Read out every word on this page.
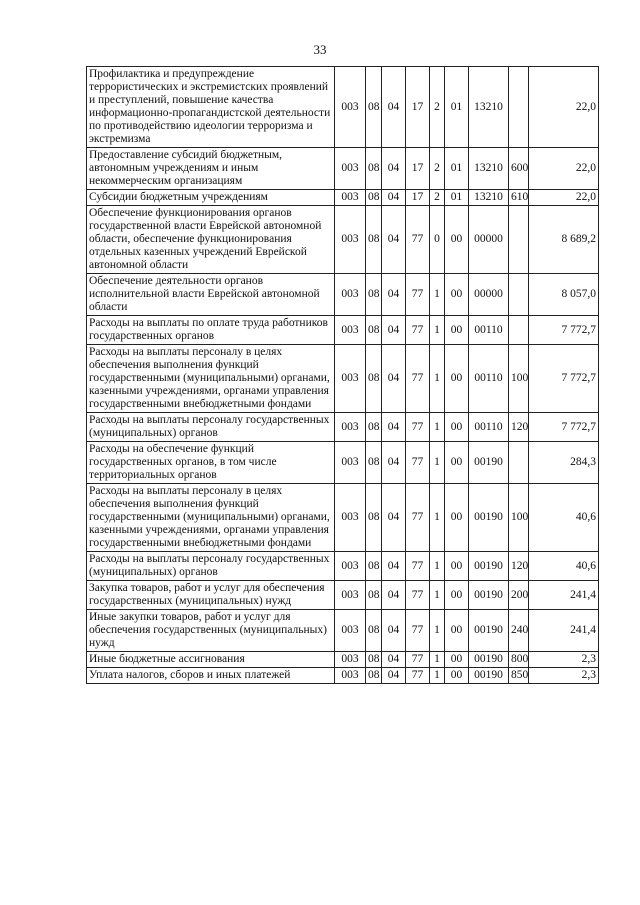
33
Профилактика и предупреждение террористических и экстремистских проявлений и преступлений, повышение качества информационно-пропагандистской деятельности по противодействию идеологии терроризма и экстремизма	003	08	04	17	2	01	13210		22,0
Предоставление субсидий бюджетным, автономным учреждениям и иным некоммерческим организациям	003	08	04	17	2	01	13210	600	22,0
Субсидии бюджетным учреждениям	003	08	04	17	2	01	13210	610	22,0
Обеспечение функционирования органов государственной власти Еврейской автономной области, обеспечение функционирования отдельных казенных учреждений Еврейской автономной области	003	08	04	77	0	00	00000		8 689,2
Обеспечение деятельности органов исполнительной власти Еврейской автономной области	003	08	04	77	1	00	00000		8 057,0
Расходы на выплаты по оплате труда работников государственных органов	003	08	04	77	1	00	00110		7 772,7
Расходы на выплаты персоналу в целях обеспечения выполнения функций государственными (муниципальными) органами, казенными учреждениями, органами управления государственными внебюджетными фондами	003	08	04	77	1	00	00110	100	7 772,7
Расходы на выплаты персоналу государственных (муниципальных) органов	003	08	04	77	1	00	00110	120	7 772,7
Расходы на обеспечение функций государственных органов, в том числе территориальных органов	003	08	04	77	1	00	00190		284,3
Расходы на выплаты персоналу в целях обеспечения выполнения функций государственными (муниципальными) органами, казенными учреждениями, органами управления государственными внебюджетными фондами	003	08	04	77	1	00	00190	100	40,6
Расходы на выплаты персоналу государственных (муниципальных) органов	003	08	04	77	1	00	00190	120	40,6
Закупка товаров, работ и услуг для обеспечения государственных (муниципальных) нужд	003	08	04	77	1	00	00190	200	241,4
Иные закупки товаров, работ и услуг для обеспечения государственных (муниципальных) нужд	003	08	04	77	1	00	00190	240	241,4
Иные бюджетные ассигнования	003	08	04	77	1	00	00190	800	2,3
Уплата налогов, сборов и иных платежей	003	08	04	77	1	00	00190	850	2,3
